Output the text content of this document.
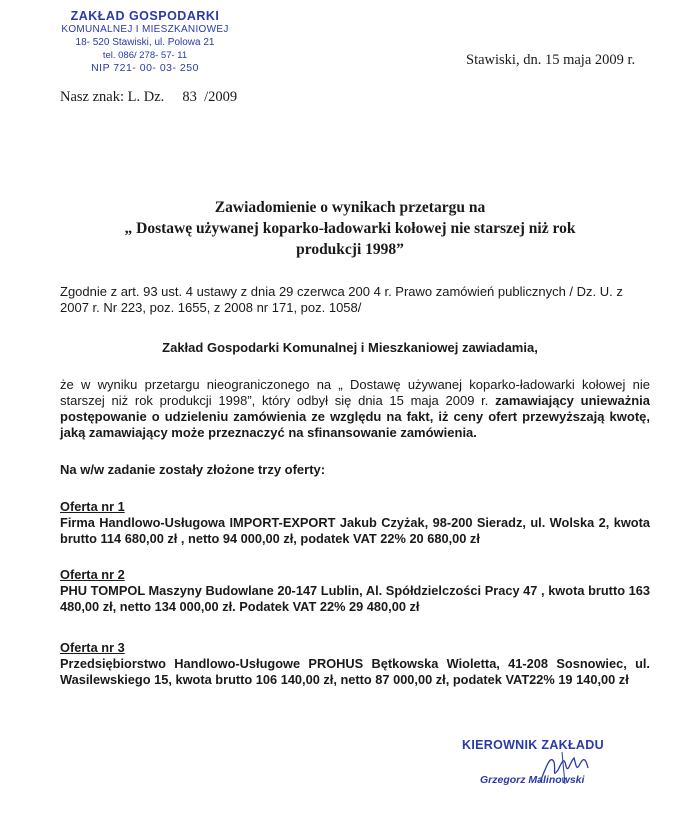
ZAKŁAD GOSPODARKI
KOMUNALNEJ I MIESZKANIOWEJ
18- 520 Stawiski, ul. Polowa 21
tel. 086/ 278- 57- 11
NIP 721- 00- 03- 250	Stawiski, dn. 15 maja 2009 r.
Nasz znak: L. Dz.     83  /2009
Zawiadomienie o wynikach przetargu na
„ Dostawę używanej koparko-ładowarki kołowej nie starszej niż rok
produkcji 1998”
Zgodnie z art. 93 ust. 4 ustawy z dnia 29 czerwca 200 4 r. Prawo zamówień publicznych / Dz. U. z 2007 r. Nr 223, poz. 1655, z 2008 nr 171, poz. 1058/
Zakład Gospodarki Komunalnej i Mieszkaniowej zawiadamia,
że w wyniku przetargu nieograniczonego na „ Dostawę używanej koparko-ładowarki kołowej nie starszej niż rok produkcji 1998”, który odbył się dnia 15 maja 2009 r. zamawiający unieważnia postępowanie o udzieleniu zamówienia ze względu na fakt, iż ceny ofert przewyższają kwotę, jaką zamawiający może przeznaczyć na sfinansowanie zamówienia.
Na w/w zadanie zostały złożone trzy oferty:
Oferta nr 1
Firma Handlowo-Usługowa IMPORT-EXPORT Jakub Czyżak, 98-200 Sieradz, ul. Wolska 2, kwota brutto 114 680,00 zł , netto 94 000,00 zł, podatek VAT 22% 20 680,00 zł
Oferta nr 2
PHU TOMPOL Maszyny Budowlane 20-147 Lublin, Al. Spółdzielczości Pracy 47 , kwota brutto 163 480,00 zł, netto 134 000,00 zł. Podatek VAT 22% 29 480,00 zł
Oferta nr 3
Przedsiębiorstwo Handlowo-Usługowe PROHUS Bętkowska Wioletta, 41-208 Sosnowiec, ul. Wasilewskiego 15, kwota brutto 106 140,00 zł, netto 87 000,00 zł, podatek VAT22% 19 140,00 zł
KIEROWNIK ZAKŁADU
Grzegorz Malinowski
